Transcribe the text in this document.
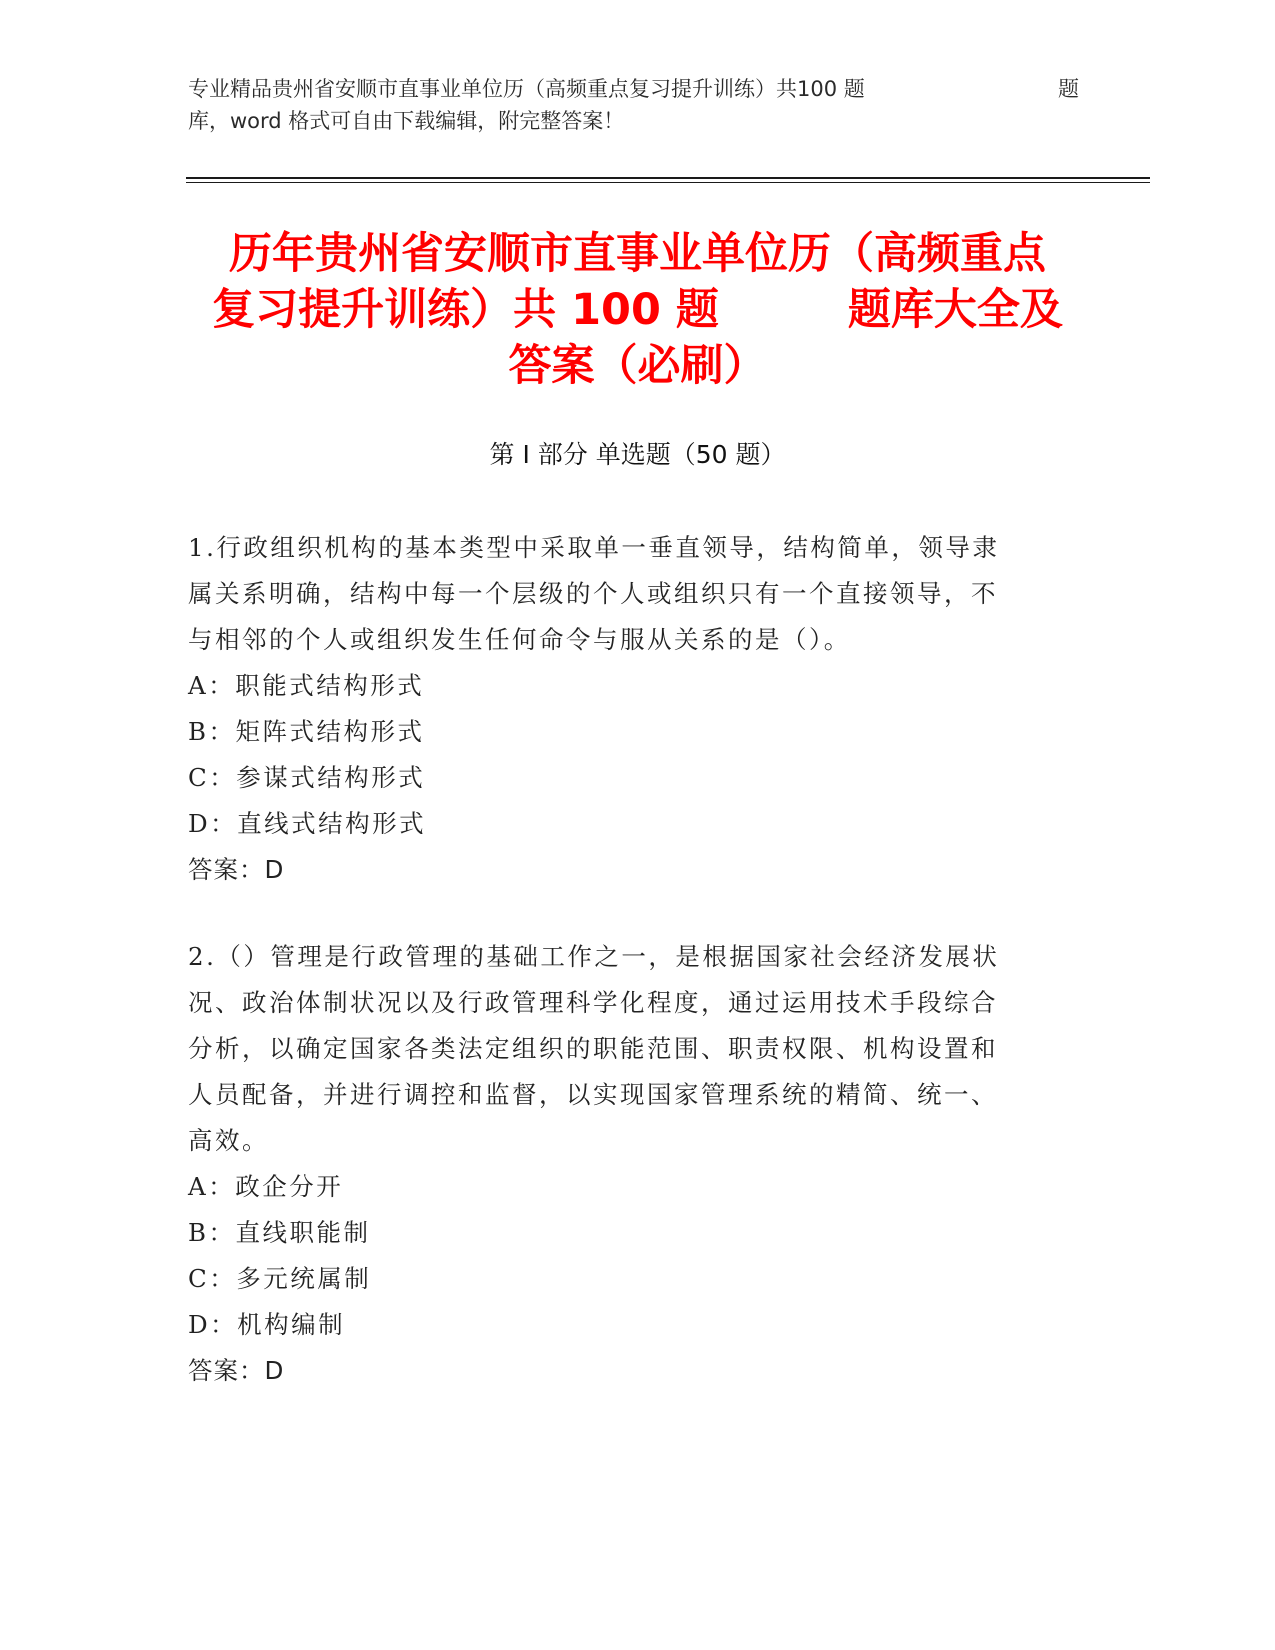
专业精品贵州省安顺市直事业单位历（高频重点复习提升训练）共100 题	题
库，word 格式可自由下载编辑，附完整答案！
历年贵州省安顺市直事业单位历（高频重点
复习提升训练）共 100 题　　　题库大全及
答案（必刷）
第 I 部分 单选题（50 题）
1.行政组织机构的基本类型中采取单一垂直领导，结构简单，领导隶
属关系明确，结构中每一个层级的个人或组织只有一个直接领导，不
与相邻的个人或组织发生任何命令与服从关系的是（）。
A：职能式结构形式
B：矩阵式结构形式
C：参谋式结构形式
D：直线式结构形式
答案：D
2.（）管理是行政管理的基础工作之一，是根据国家社会经济发展状
况、政治体制状况以及行政管理科学化程度，通过运用技术手段综合
分析，以确定国家各类法定组织的职能范围、职责权限、机构设置和
人员配备，并进行调控和监督，以实现国家管理系统的精简、统一、
高效。
A：政企分开
B：直线职能制
C：多元统属制
D：机构编制
答案：D
